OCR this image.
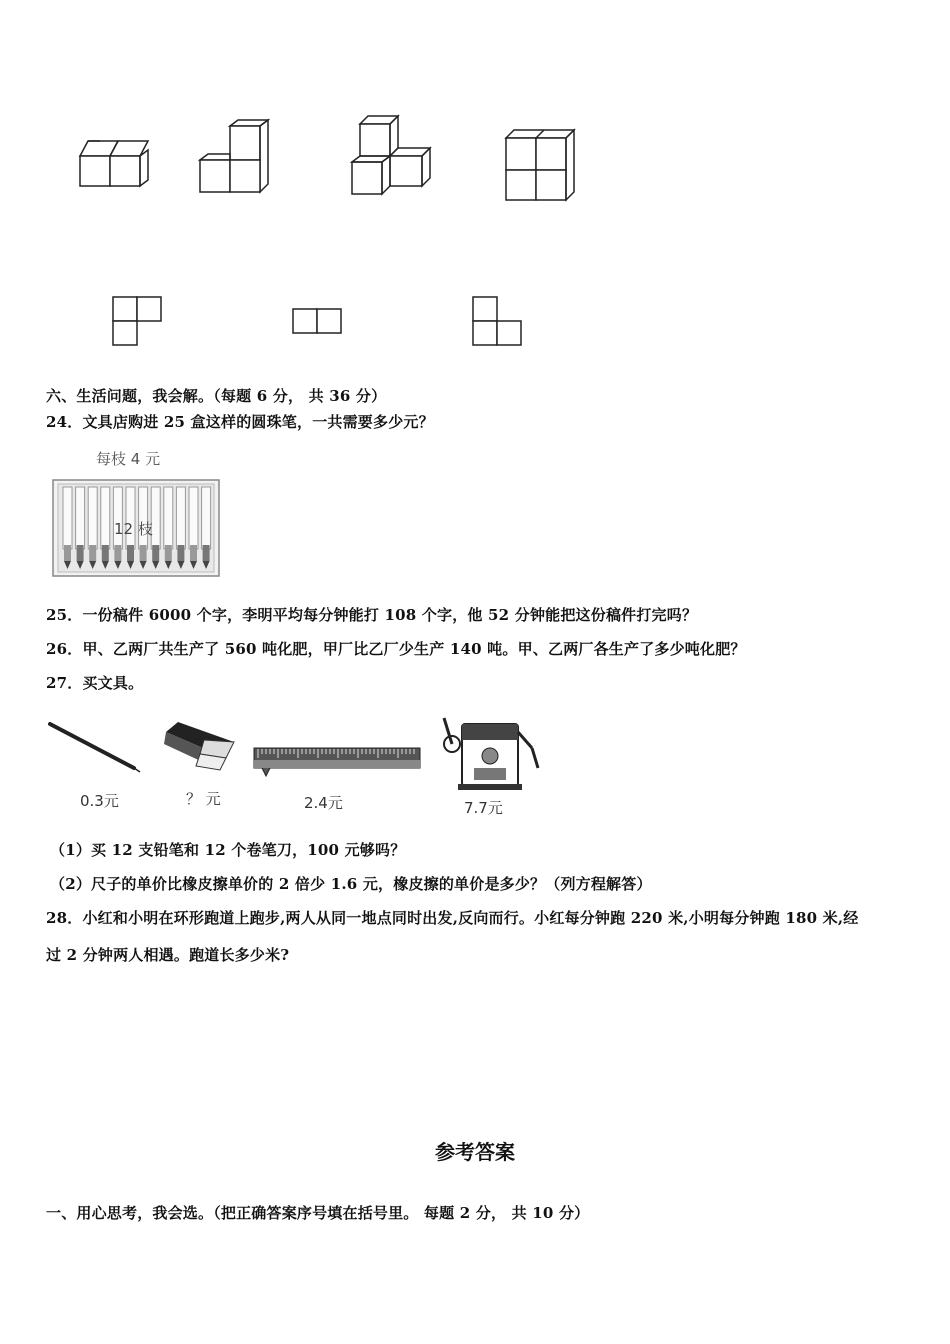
六、生活问题，我会解。（每题 6 分， 共 36 分）
24．文具店购进 25 盒这样的圆珠笔，一共需要多少元？
每枝 4 元
12 枝
25．一份稿件 6000 个字，李明平均每分钟能打 108 个字，他 52 分钟能把这份稿件打完吗？
26．甲、乙两厂共生产了 560 吨化肥，甲厂比乙厂少生产 140 吨。甲、乙两厂各生产了多少吨化肥？
27．买文具。
0.3元	？ 元	2.4元	7.7元
（1）买 12 支铅笔和 12 个卷笔刀，100 元够吗？
（2）尺子的单价比橡皮擦单价的 2 倍少 1.6 元，橡皮擦的单价是多少？（列方程解答）
28．小红和小明在环形跑道上跑步,两人从同一地点同时出发,反向而行。小红每分钟跑 220 米,小明每分钟跑 180 米,经
过 2 分钟两人相遇。跑道长多少米?
参考答案
一、用心思考，我会选。（把正确答案序号填在括号里。 每题 2 分， 共 10 分）
